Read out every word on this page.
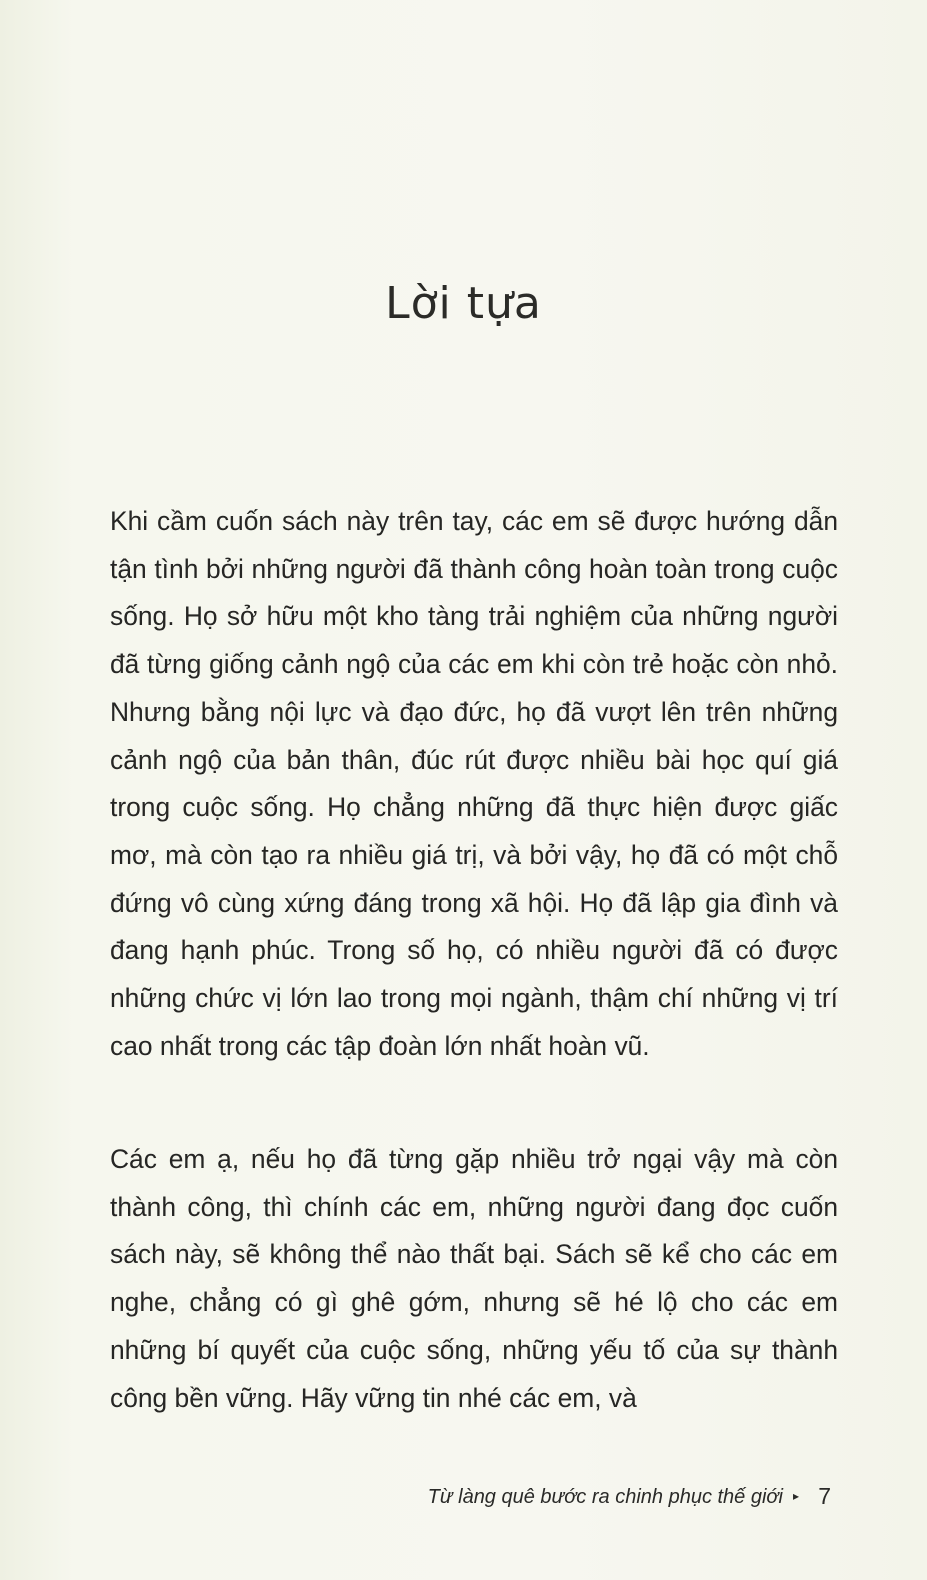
Lời tựa

Khi cầm cuốn sách này trên tay, các em sẽ được hướng dẫn tận tình bởi những người đã thành công hoàn toàn trong cuộc sống. Họ sở hữu một kho tàng trải nghiệm của những người đã từng giống cảnh ngộ của các em khi còn trẻ hoặc còn nhỏ. Nhưng bằng nội lực và đạo đức, họ đã vượt lên trên những cảnh ngộ của bản thân, đúc rút được nhiều bài học quí giá trong cuộc sống. Họ chẳng những đã thực hiện được giấc mơ, mà còn tạo ra nhiều giá trị, và bởi vậy, họ đã có một chỗ đứng vô cùng xứng đáng trong xã hội. Họ đã lập gia đình và đang hạnh phúc. Trong số họ, có nhiều người đã có được những chức vị lớn lao trong mọi ngành, thậm chí những vị trí cao nhất trong các tập đoàn lớn nhất hoàn vũ.

Các em ạ, nếu họ đã từng gặp nhiều trở ngại vậy mà còn thành công, thì chính các em, những người đang đọc cuốn sách này, sẽ không thể nào thất bại. Sách sẽ kể cho các em nghe, chẳng có gì ghê gớm, nhưng sẽ hé lộ cho các em những bí quyết của cuộc sống, những yếu tố của sự thành công bền vững. Hãy vững tin nhé các em, và

Từ làng quê bước ra chinh phục thế giới ▸ 7
